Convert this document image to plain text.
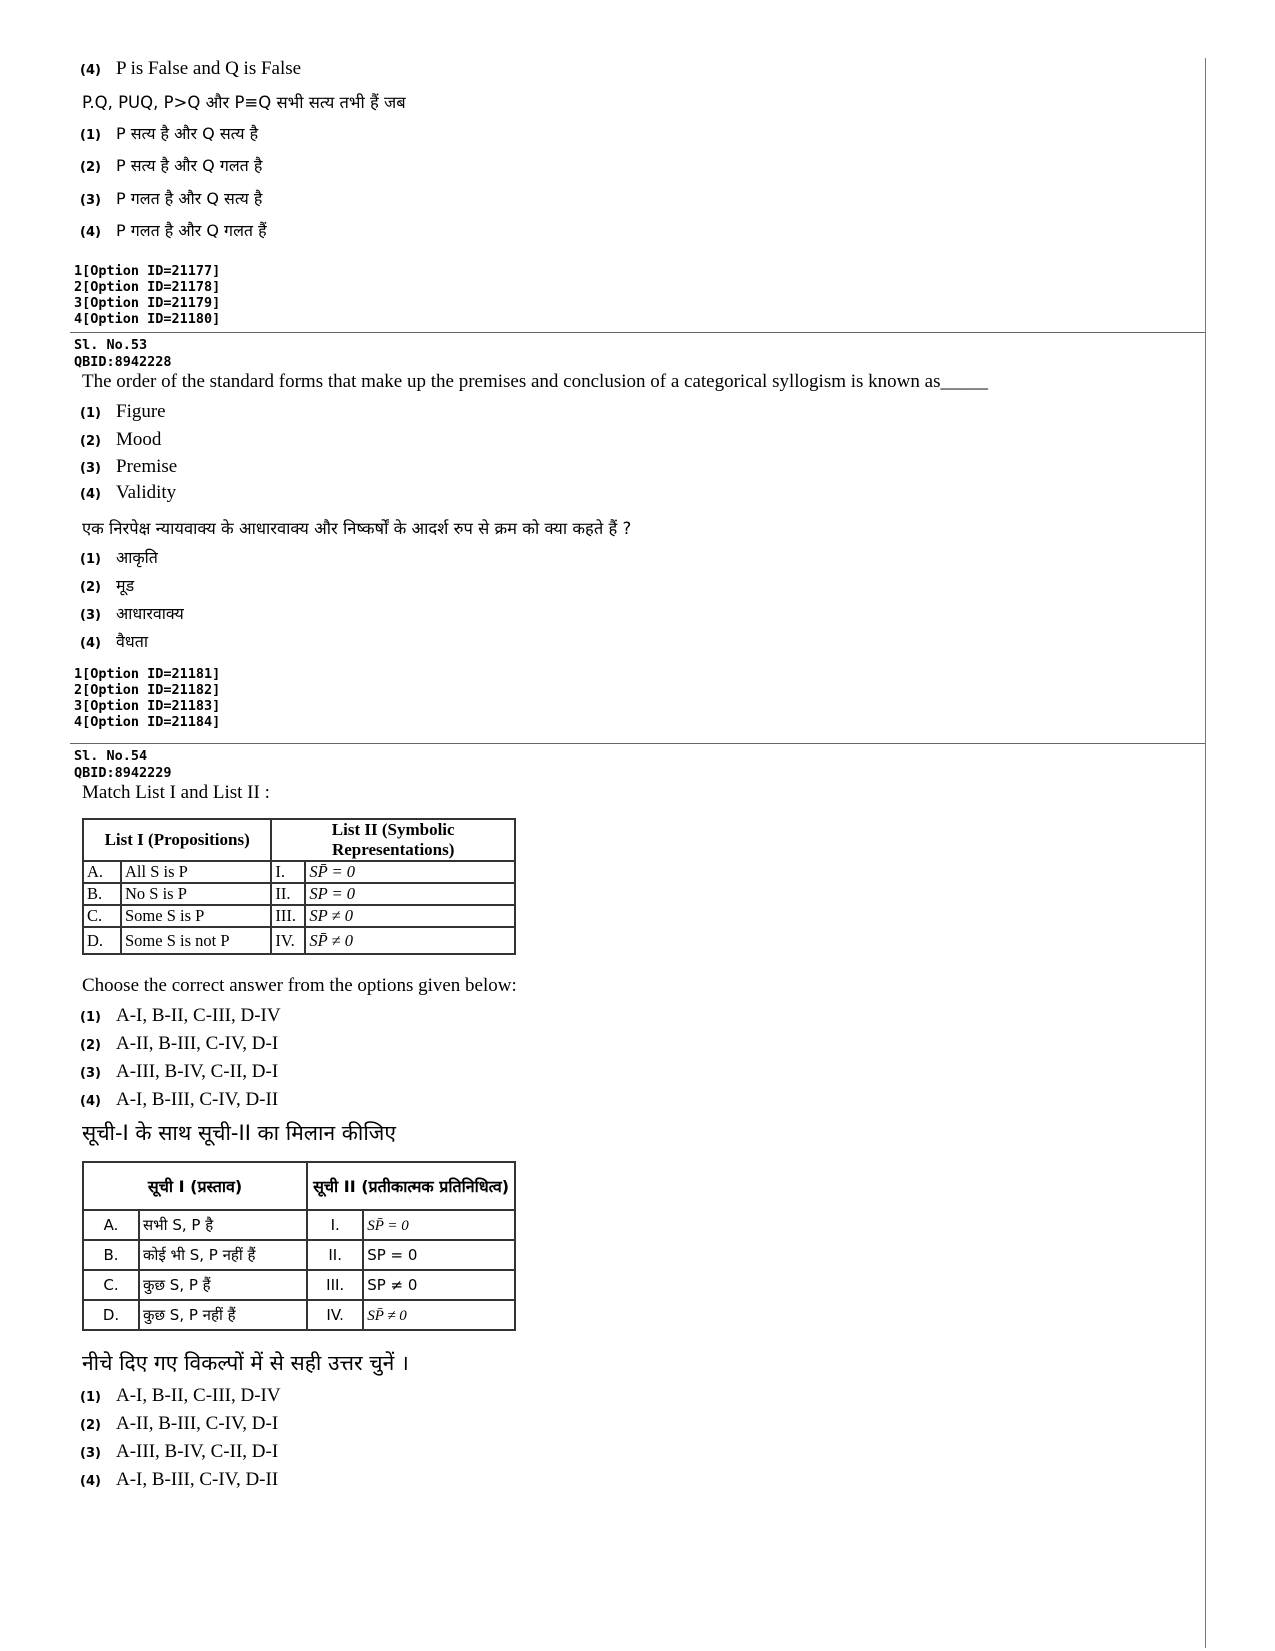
(4) P is False and Q is False
P.Q, PUQ, P>Q और P≡Q सभी सत्य तभी हैं जब
(1) P सत्य है और Q सत्य है
(2) P सत्य है और Q गलत है
(3) P गलत है और Q सत्य है
(4) P गलत है और Q गलत हैं
1[Option ID=21177]
2[Option ID=21178]
3[Option ID=21179]
4[Option ID=21180]
Sl. No.53
QBID:8942228
The order of the standard forms that make up the premises and conclusion of a categorical syllogism is known as_____
(1) Figure
(2) Mood
(3) Premise
(4) Validity
एक निरपेक्ष न्यायवाक्य के आधारवाक्य और निष्कर्षों के आदर्श रुप से क्रम को क्या कहते हैं ?
(1) आकृति
(2) मूड
(3) आधारवाक्य
(4) वैधता
1[Option ID=21181]
2[Option ID=21182]
3[Option ID=21183]
4[Option ID=21184]
Sl. No.54
QBID:8942229
Match List I and List II :
List I (Propositions)		List II (Symbolic Representations)	
A.	All S is P	I.	SP̄ = 0
B.	No S is P	II.	SP = 0
C.	Some S is P	III.	SP ≠ 0
D.	Some S is not P	IV.	SP̄ ≠ 0
Choose the correct answer from the options given below:
(1) A-I, B-II, C-III, D-IV
(2) A-II, B-III, C-IV, D-I
(3) A-III, B-IV, C-II, D-I
(4) A-I, B-III, C-IV, D-II
सूची-I के साथ सूची-II का मिलान कीजिए
सूची I (प्रस्ताव)		सूची II (प्रतीकात्मक प्रतिनिधित्व)	
A.	सभी S, P है	I.	SP̄ = 0
B.	कोई भी S, P नहीं हैं	II.	SP = 0
C.	कुछ S, P हैं	III.	SP ≠ 0
D.	कुछ S, P नहीं हैं	IV.	SP̄ ≠ 0
नीचे दिए गए विकल्पों में से सही उत्तर चुनें ।
(1) A-I, B-II, C-III, D-IV
(2) A-II, B-III, C-IV, D-I
(3) A-III, B-IV, C-II, D-I
(4) A-I, B-III, C-IV, D-II
